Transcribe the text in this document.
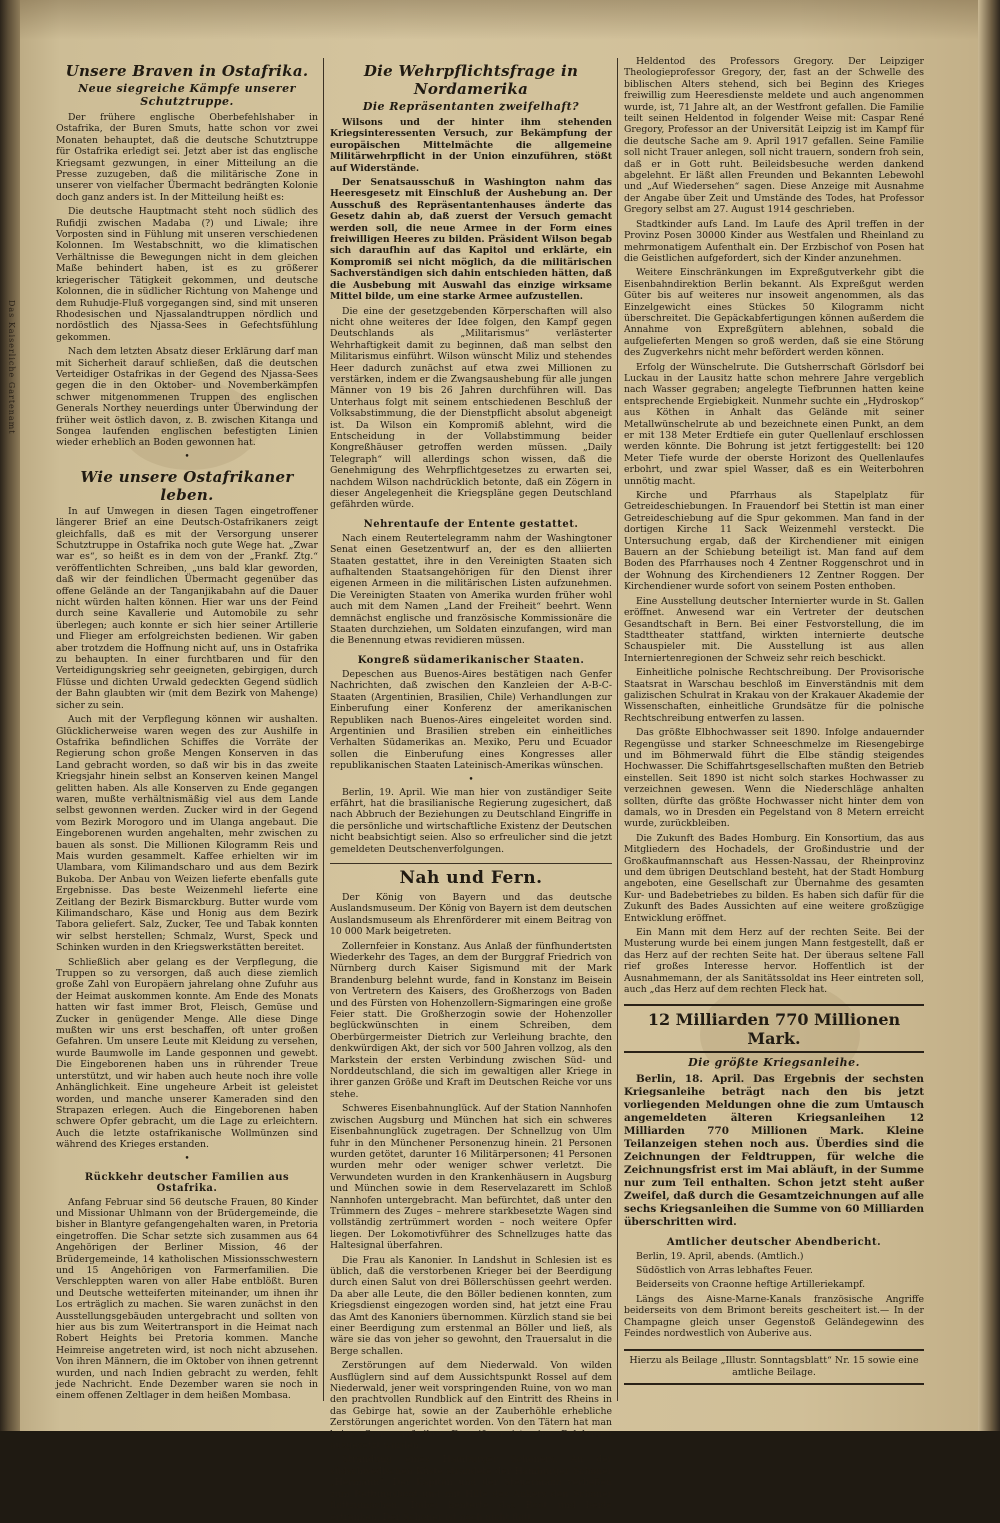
Das Kaiserliche Gartenamt
Unsere Braven in Ostafrika.
Neue siegreiche Kämpfe unserer Schutztruppe.

Der frühere englische Oberbefehlshaber in Ostafrika, der Buren Smuts, hatte schon vor zwei Monaten behauptet, daß die deutsche Schutztruppe für Ostafrika erledigt sei. Jetzt aber ist das englische Kriegsamt gezwungen, in einer Mitteilung an die Presse zuzugeben, daß die militärische Zone in unserer von vielfacher Übermacht bedrängten Kolonie doch ganz anders ist. In der Mitteilung heißt es:

Die deutsche Hauptmacht steht noch südlich des Rufidji zwischen Madaba (?) und Liwale; ihre Vorposten sind in Fühlung mit unseren verschiedenen Kolonnen. Im Westabschnitt, wo die klimatischen Verhältnisse die Bewegungen nicht in dem gleichen Maße behindert haben, ist es zu größerer kriegerischer Tätigkeit gekommen, und deutsche Kolonnen, die in südlicher Richtung von Mahenge und dem Ruhudje-Fluß vorgegangen sind, sind mit unseren Rhodesischen und Njassalandtruppen nördlich und nordöstlich des Njassa-Sees in Gefechtsfühlung gekommen.

Nach dem letzten Absatz dieser Erklärung darf man mit Sicherheit darauf schließen, daß die deutschen Verteidiger Ostafrikas in der Gegend des Njassa-Sees gegen die in den Oktober- und Novemberkämpfen schwer mitgenommenen Truppen des englischen Generals Northey neuerdings unter Überwindung der früher weit östlich davon, z. B. zwischen Kitanga und Songea laufenden englischen befestigten Linien wieder erheblich an Boden gewonnen hat.

•
Wie unsere Ostafrikaner leben.

In auf Umwegen in diesen Tagen eingetroffener längerer Brief an eine Deutsch-Ostafrikaners zeigt gleichfalls, daß es mit der Versorgung unserer Schutztruppe in Ostafrika noch gute Wege hat. „Zwar war es“, so heißt es in dem von der „Frankf. Ztg.“ veröffentlichten Schreiben, „uns bald klar geworden, daß wir der feindlichen Übermacht gegenüber das offene Gelände an der Tanganjikabahn auf die Dauer nicht würden halten können. Hier war uns der Feind durch seine Kavallerie und Automobile zu sehr überlegen; auch konnte er sich hier seiner Artillerie und Flieger am erfolgreichsten bedienen. Wir gaben aber trotzdem die Hoffnung nicht auf, uns in Ostafrika zu behaupten. In einer furchtbaren und für den Verteidigungskrieg sehr geeigneten, gebirgigen, durch Flüsse und dichten Urwald gedeckten Gegend südlich der Bahn glaubten wir (mit dem Bezirk von Mahenge) sicher zu sein.

Auch mit der Verpflegung können wir aushalten. Glücklicherweise waren wegen des zur Aushilfe in Ostafrika befindlichen Schiffes die Vorräte der Regierung schon große Mengen Konserven in das Land gebracht worden, so daß wir bis in das zweite Kriegsjahr hinein selbst an Konserven keinen Mangel gelitten haben. Als alle Konserven zu Ende gegangen waren, mußte verhältnismäßig viel aus dem Lande selbst gewonnen werden. Zucker wird in der Gegend vom Bezirk Morogoro und im Ulanga angebaut. Die Eingeborenen wurden angehalten, mehr zwischen zu bauen als sonst. Die Millionen Kilogramm Reis und Mais wurden gesammelt. Kaffee erhielten wir im Ulambara, vom Kilimandscharo und aus dem Bezirk Bukoba. Der Anbau von Weizen lieferte ebenfalls gute Ergebnisse. Das beste Weizenmehl lieferte eine Zeitlang der Bezirk Bismarckburg. Butter wurde vom Kilimandscharo, Käse und Honig aus dem Bezirk Tabora geliefert. Salz, Zucker, Tee und Tabak konnten wir selbst herstellen; Schmalz, Wurst, Speck und Schinken wurden in den Kriegswerkstätten bereitet.

Schließlich aber gelang es der Verpflegung, die Truppen so zu versorgen, daß auch diese ziemlich große Zahl von Europäern jahrelang ohne Zufuhr aus der Heimat auskommen konnte. Am Ende des Monats hatten wir fast immer Brot, Fleisch, Gemüse und Zucker in genügender Menge. Alle diese Dinge mußten wir uns erst beschaffen, oft unter großen Gefahren. Um unsere Leute mit Kleidung zu versehen, wurde Baumwolle im Lande gesponnen und gewebt. Die Eingeborenen haben uns in rührender Treue unterstützt, und wir haben auch heute noch ihre volle Anhänglichkeit. Eine ungeheure Arbeit ist geleistet worden, und manche unserer Kameraden sind den Strapazen erlegen. Auch die Eingeborenen haben schwere Opfer gebracht, um die Lage zu erleichtern. Auch die letzte ostafrikanische Wollmünzen sind während des Krieges erstanden.

•
Rückkehr deutscher Familien aus Ostafrika.

Anfang Februar sind 56 deutsche Frauen, 80 Kinder und Missionar Uhlmann von der Brüdergemeinde, die bisher in Blantyre gefangengehalten waren, in Pretoria eingetroffen. Die Schar setzte sich zusammen aus 64 Angehörigen der Berliner Mission, 46 der Brüdergemeinde, 14 katholischen Missionsschwestern und 15 Angehörigen von Farmerfamilien. Die Verschleppten waren von aller Habe entblößt. Buren und Deutsche wetteiferten miteinander, um ihnen ihr Los erträglich zu machen. Sie waren zunächst in den Ausstellungsgebäuden untergebracht und sollten von hier aus bis zum Weitertransport in die Heimat nach Robert Heights bei Pretoria kommen. Manche Heimreise angetreten wird, ist noch nicht abzusehen. Von ihren Männern, die im Oktober von ihnen getrennt wurden, und nach Indien gebracht zu werden, fehlt jede Nachricht. Ende Dezember waren sie noch in einem offenen Zeltlager in dem heißen Mombasa.

Die Wehrpflichtsfrage in Nordamerika
Die Repräsentanten zweifelhaft?

Wilsons und der hinter ihm stehenden Kriegsinteressenten Versuch, zur Bekämpfung der europäischen Mittelmächte die allgemeine Militärwehrpflicht in der Union einzuführen, stößt auf Widerstände.

Der Senatsausschuß in Washington nahm das Heeresgesetz mit Einschluß der Aushebung an. Der Ausschuß des Repräsentantenhauses änderte das Gesetz dahin ab, daß zuerst der Versuch gemacht werden soll, die neue Armee in der Form eines freiwilligen Heeres zu bilden. Präsident Wilson begab sich daraufhin auf das Kapitol und erklärte, ein Kompromiß sei nicht möglich, da die militärischen Sachverständigen sich dahin entschieden hätten, daß die Ausbebung mit Auswahl das einzige wirksame Mittel bilde, um eine starke Armee aufzustellen.

Die eine der gesetzgebenden Körperschaften will also nicht ohne weiteres der Idee folgen, den Kampf gegen Deutschlands als „Militarismus“ verlästerter Wehrhaftigkeit damit zu beginnen, daß man selbst den Militarismus einführt. Wilson wünscht Miliz und stehendes Heer dadurch zunächst auf etwa zwei Millionen zu verstärken, indem er die Zwangsaushebung für alle jungen Männer von 19 bis 26 Jahren durchführen will. Das Unterhaus folgt mit seinem entschiedenen Beschluß der Volksabstimmung, die der Dienstpflicht absolut abgeneigt ist. Da Wilson ein Kompromiß ablehnt, wird die Entscheidung in der Vollabstimmung beider Kongreßhäuser getroffen werden müssen. „Daily Telegraph“ will allerdings schon wissen, daß die Genehmigung des Wehrpflichtgesetzes zu erwarten sei, nachdem Wilson nachdrücklich betonte, daß ein Zögern in dieser Angelegenheit die Kriegspläne gegen Deutschland gefährden würde.

Nehrentaufe der Entente gestattet.

Nach einem Reutertelegramm nahm der Washingtoner Senat einen Gesetzentwurf an, der es den alliierten Staaten gestattet, ihre in den Vereinigten Staaten sich aufhaltenden Staatsangehörigen für den Dienst ihrer eigenen Armeen in die militärischen Listen aufzunehmen. Die Vereinigten Staaten von Amerika wurden früher wohl auch mit dem Namen „Land der Freiheit“ beehrt. Wenn demnächst englische und französische Kommissionäre die Staaten durchziehen, um Soldaten einzufangen, wird man die Benennung etwas revidieren müssen.

Kongreß südamerikanischer Staaten.

Depeschen aus Buenos-Aires bestätigen nach Genfer Nachrichten, daß zwischen den Kanzleien der A-B-C-Staaten (Argentinien, Brasilien, Chile) Verhandlungen zur Einberufung einer Konferenz der amerikanischen Republiken nach Buenos-Aires eingeleitet worden sind. Argentinien und Brasilien streben ein einheitliches Verhalten Südamerikas an. Mexiko, Peru und Ecuador sollen die Einberufung eines Kongresses aller republikanischen Staaten Lateinisch-Amerikas wünschen.

•

Berlin, 19. April. Wie man hier von zuständiger Seite erfährt, hat die brasilianische Regierung zugesichert, daß nach Abbruch der Beziehungen zu Deutschland Eingriffe in die persönliche und wirtschaftliche Existenz der Deutschen nicht beabsichtigt seien. Also so erfreulicher sind die jetzt gemeldeten Deutschenverfolgungen.

Nah und Fern.

Der König von Bayern und das deutsche Auslandsmuseum. Der König von Bayern ist dem deutschen Auslandsmuseum als Ehrenförderer mit einem Beitrag von 10 000 Mark beigetreten.

Zollernfeier in Konstanz. Aus Anlaß der fünfhundertsten Wiederkehr des Tages, an dem der Burggraf Friedrich von Nürnberg durch Kaiser Sigismund mit der Mark Brandenburg belehnt wurde, fand in Konstanz im Beisein von Vertretern des Kaisers, des Großherzogs von Baden und des Fürsten von Hohenzollern-Sigmaringen eine große Feier statt. Die Großherzogin sowie der Hohenzoller beglückwünschten in einem Schreiben, dem Oberbürgermeister Dietrich zur Verleihung brachte, den denkwürdigen Akt, der sich vor 500 Jahren vollzog, als den Markstein der ersten Verbindung zwischen Süd- und Norddeutschland, die sich im gewaltigen aller Kriege in ihrer ganzen Größe und Kraft im Deutschen Reiche vor uns stehe.

Schweres Eisenbahnunglück. Auf der Station Nannhofen zwischen Augsburg und München hat sich ein schweres Eisenbahnunglück zugetragen. Der Schnellzug von Ulm fuhr in den Münchener Personenzug hinein. 21 Personen wurden getötet, darunter 16 Militärpersonen; 41 Personen wurden mehr oder weniger schwer verletzt. Die Verwundeten wurden in den Krankenhäusern in Augsburg und München sowie in dem Reservelazarett im Schloß Nannhofen untergebracht. Man befürchtet, daß unter den Trümmern des Zuges – mehrere starkbesetzte Wagen sind vollständig zertrümmert worden – noch weitere Opfer liegen. Der Lokomotivführer des Schnellzuges hatte das Haltesignal überfahren.

Die Frau als Kanonier. In Landshut in Schlesien ist es üblich, daß die verstorbenen Krieger bei der Beerdigung durch einen Salut von drei Böllerschüssen geehrt werden. Da aber alle Leute, die den Böller bedienen konnten, zum Kriegsdienst eingezogen worden sind, hat jetzt eine Frau das Amt des Kanoniers übernommen. Kürzlich stand sie bei einer Beerdigung zum erstenmal an Böller und ließ, als wäre sie das von jeher so gewohnt, den Trauersalut in die Berge schallen.

Zerstörungen auf dem Niederwald. Von wilden Ausflüglern sind auf dem Aussichtspunkt Rossel auf dem Niederwald, jener weit vorspringenden Ruine, von wo man den prachtvollen Rundblick auf den Eintritt des Rheins in das Gebirge hat, sowie an der Zauberhöhle erhebliche Zerstörungen angerichtet worden. Von den Tätern hat man keine Spur; auf ihre Ergreifung ist eine Belohnung ausgesetzt worden.

Strandung eines Hamburger Schoners. An der südschwedischen Küste strandete der Hamburger Schoner „Hermann“. Der Kapitän und der Steuermann verließen zum Rettungsboot und mit Hilfe des Ankers den Schoner flottzumachen. Dabei kenterte das Boot und beide ertranken. Der Schoner ist noch nicht flott.

Heldentod des Professors Gregory. Der Leipziger Theologieprofessor Gregory, der, fast an der Schwelle des biblischen Alters stehend, sich bei Beginn des Krieges freiwillig zum Heeresdienste meldete und auch angenommen wurde, ist, 71 Jahre alt, an der Westfront gefallen. Die Familie teilt seinen Heldentod in folgender Weise mit: Caspar René Gregory, Professor an der Universität Leipzig ist im Kampf für die deutsche Sache am 9. April 1917 gefallen. Seine Familie soll nicht Trauer anlegen, soll nicht trauern, sondern froh sein, daß er in Gott ruht. Beileidsbesuche werden dankend abgelehnt. Er läßt allen Freunden und Bekannten Lebewohl und „Auf Wiedersehen“ sagen. Diese Anzeige mit Ausnahme der Angabe über Zeit und Umstände des Todes, hat Professor Gregory selbst am 27. August 1914 geschrieben.

Stadtkinder aufs Land. Im Laufe des April treffen in der Provinz Posen 30000 Kinder aus Westfalen und Rheinland zu mehrmonatigem Aufenthalt ein. Der Erzbischof von Posen hat die Geistlichen aufgefordert, sich der Kinder anzunehmen.

Weitere Einschränkungen im Expreßgutverkehr gibt die Eisenbahndirektion Berlin bekannt. Als Expreßgut werden Güter bis auf weiteres nur insoweit angenommen, als das Einzelgewicht eines Stückes 50 Kilogramm nicht überschreitet. Die Gepäckabfertigungen können außerdem die Annahme von Expreßgütern ablehnen, sobald die aufgelieferten Mengen so groß werden, daß sie eine Störung des Zugverkehrs nicht mehr befördert werden können.

Erfolg der Wünschelrute. Die Gutsherrschaft Görlsdorf bei Luckau in der Lausitz hatte schon mehrere Jahre vergeblich nach Wasser gegraben; angelegte Tiefbrunnen hatten keine entsprechende Ergiebigkeit. Nunmehr suchte ein „Hydroskop“ aus Köthen in Anhalt das Gelände mit seiner Metallwünschelrute ab und bezeichnete einen Punkt, an dem er mit 138 Meter Erdtiefe ein guter Quellenlauf erschlossen werden könnte. Die Bohrung ist jetzt fertiggestellt: bei 120 Meter Tiefe wurde der oberste Horizont des Quellenlaufes erbohrt, und zwar spiel Wasser, daß es ein Weiterbohren unnötig macht.

Kirche und Pfarrhaus als Stapelplatz für Getreideschiebungen. In Frauendorf bei Stettin ist man einer Getreideschiebung auf die Spur gekommen. Man fand in der dortigen Kirche 11 Sack Weizenmehl versteckt. Die Untersuchung ergab, daß der Kirchendiener mit einigen Bauern an der Schiebung beteiligt ist. Man fand auf dem Boden des Pfarrhauses noch 4 Zentner Roggenschrot und in der Wohnung des Kirchendieners 12 Zentner Roggen. Der Kirchendiener wurde sofort von seinem Posten enthoben.

Eine Ausstellung deutscher Internierter wurde in St. Gallen eröffnet. Anwesend war ein Vertreter der deutschen Gesandtschaft in Bern. Bei einer Festvorstellung, die im Stadttheater stattfand, wirkten internierte deutsche Schauspieler mit. Die Ausstellung ist aus allen Interniertenregionen der Schweiz sehr reich beschickt.

Einheitliche polnische Rechtschreibung. Der Provisorische Staatsrat in Warschau beschloß im Einverständnis mit dem galizischen Schulrat in Krakau von der Krakauer Akademie der Wissenschaften, einheitliche Grundsätze für die polnische Rechtschreibung entwerfen zu lassen.

Das größte Elbhochwasser seit 1890. Infolge andauernder Regengüsse und starker Schneeschmelze im Riesengebirge und im Böhmerwald führt die Elbe ständig steigendes Hochwasser. Die Schiffahrtsgesellschaften mußten den Betrieb einstellen. Seit 1890 ist nicht solch starkes Hochwasser zu verzeichnen gewesen. Wenn die Niederschläge anhalten sollten, dürfte das größte Hochwasser nicht hinter dem von damals, wo in Dresden ein Pegelstand von 8 Metern erreicht wurde, zurückbleiben.

Die Zukunft des Bades Homburg. Ein Konsortium, das aus Mitgliedern des Hochadels, der Großindustrie und der Großkaufmannschaft aus Hessen-Nassau, der Rheinprovinz und dem übrigen Deutschland besteht, hat der Stadt Homburg angeboten, eine Gesellschaft zur Übernahme des gesamten Kur- und Badebetriebes zu bilden. Es haben sich dafür für die Zukunft des Bades Aussichten auf eine weitere großzügige Entwicklung eröffnet.

Ein Mann mit dem Herz auf der rechten Seite. Bei der Musterung wurde bei einem jungen Mann festgestellt, daß er das Herz auf der rechten Seite hat. Der überaus seltene Fall rief großes Interesse hervor. Hoffentlich ist der Ausnahmemann, der als Sanitätssoldat ins Heer eintreten soll, auch „das Herz auf dem rechten Fleck hat.

12 Milliarden 770 Millionen Mark.
Die größte Kriegsanleihe.

Berlin, 18. April. Das Ergebnis der sechsten Kriegsanleihe beträgt nach den bis jetzt vorliegenden Meldungen ohne die zum Umtausch angemeldeten älteren Kriegsanleihen 12 Milliarden 770 Millionen Mark. Kleine Teilanzeigen stehen noch aus. Überdies sind die Zeichnungen der Feldtruppen, für welche die Zeichnungsfrist erst im Mai abläuft, in der Summe nur zum Teil enthalten. Schon jetzt steht außer Zweifel, daß durch die Gesamtzeichnungen auf alle sechs Kriegsanleihen die Summe von 60 Milliarden überschritten wird.

Amtlicher deutscher Abendbericht.

Berlin, 19. April, abends. (Amtlich.)

Südöstlich von Arras lebhaftes Feuer.

Beiderseits von Craonne heftige Artilleriekampf.

Längs des Aisne-Marne-Kanals französische Angriffe beiderseits von dem Brimont bereits gescheitert ist.— In der Champagne gleich unser Gegenstoß Geländegewinn des Feindes nordwestlich von Auberive aus.

Hierzu als Beilage „Illustr. Sonntagsblatt“ Nr. 15 sowie eine amtliche Beilage.
